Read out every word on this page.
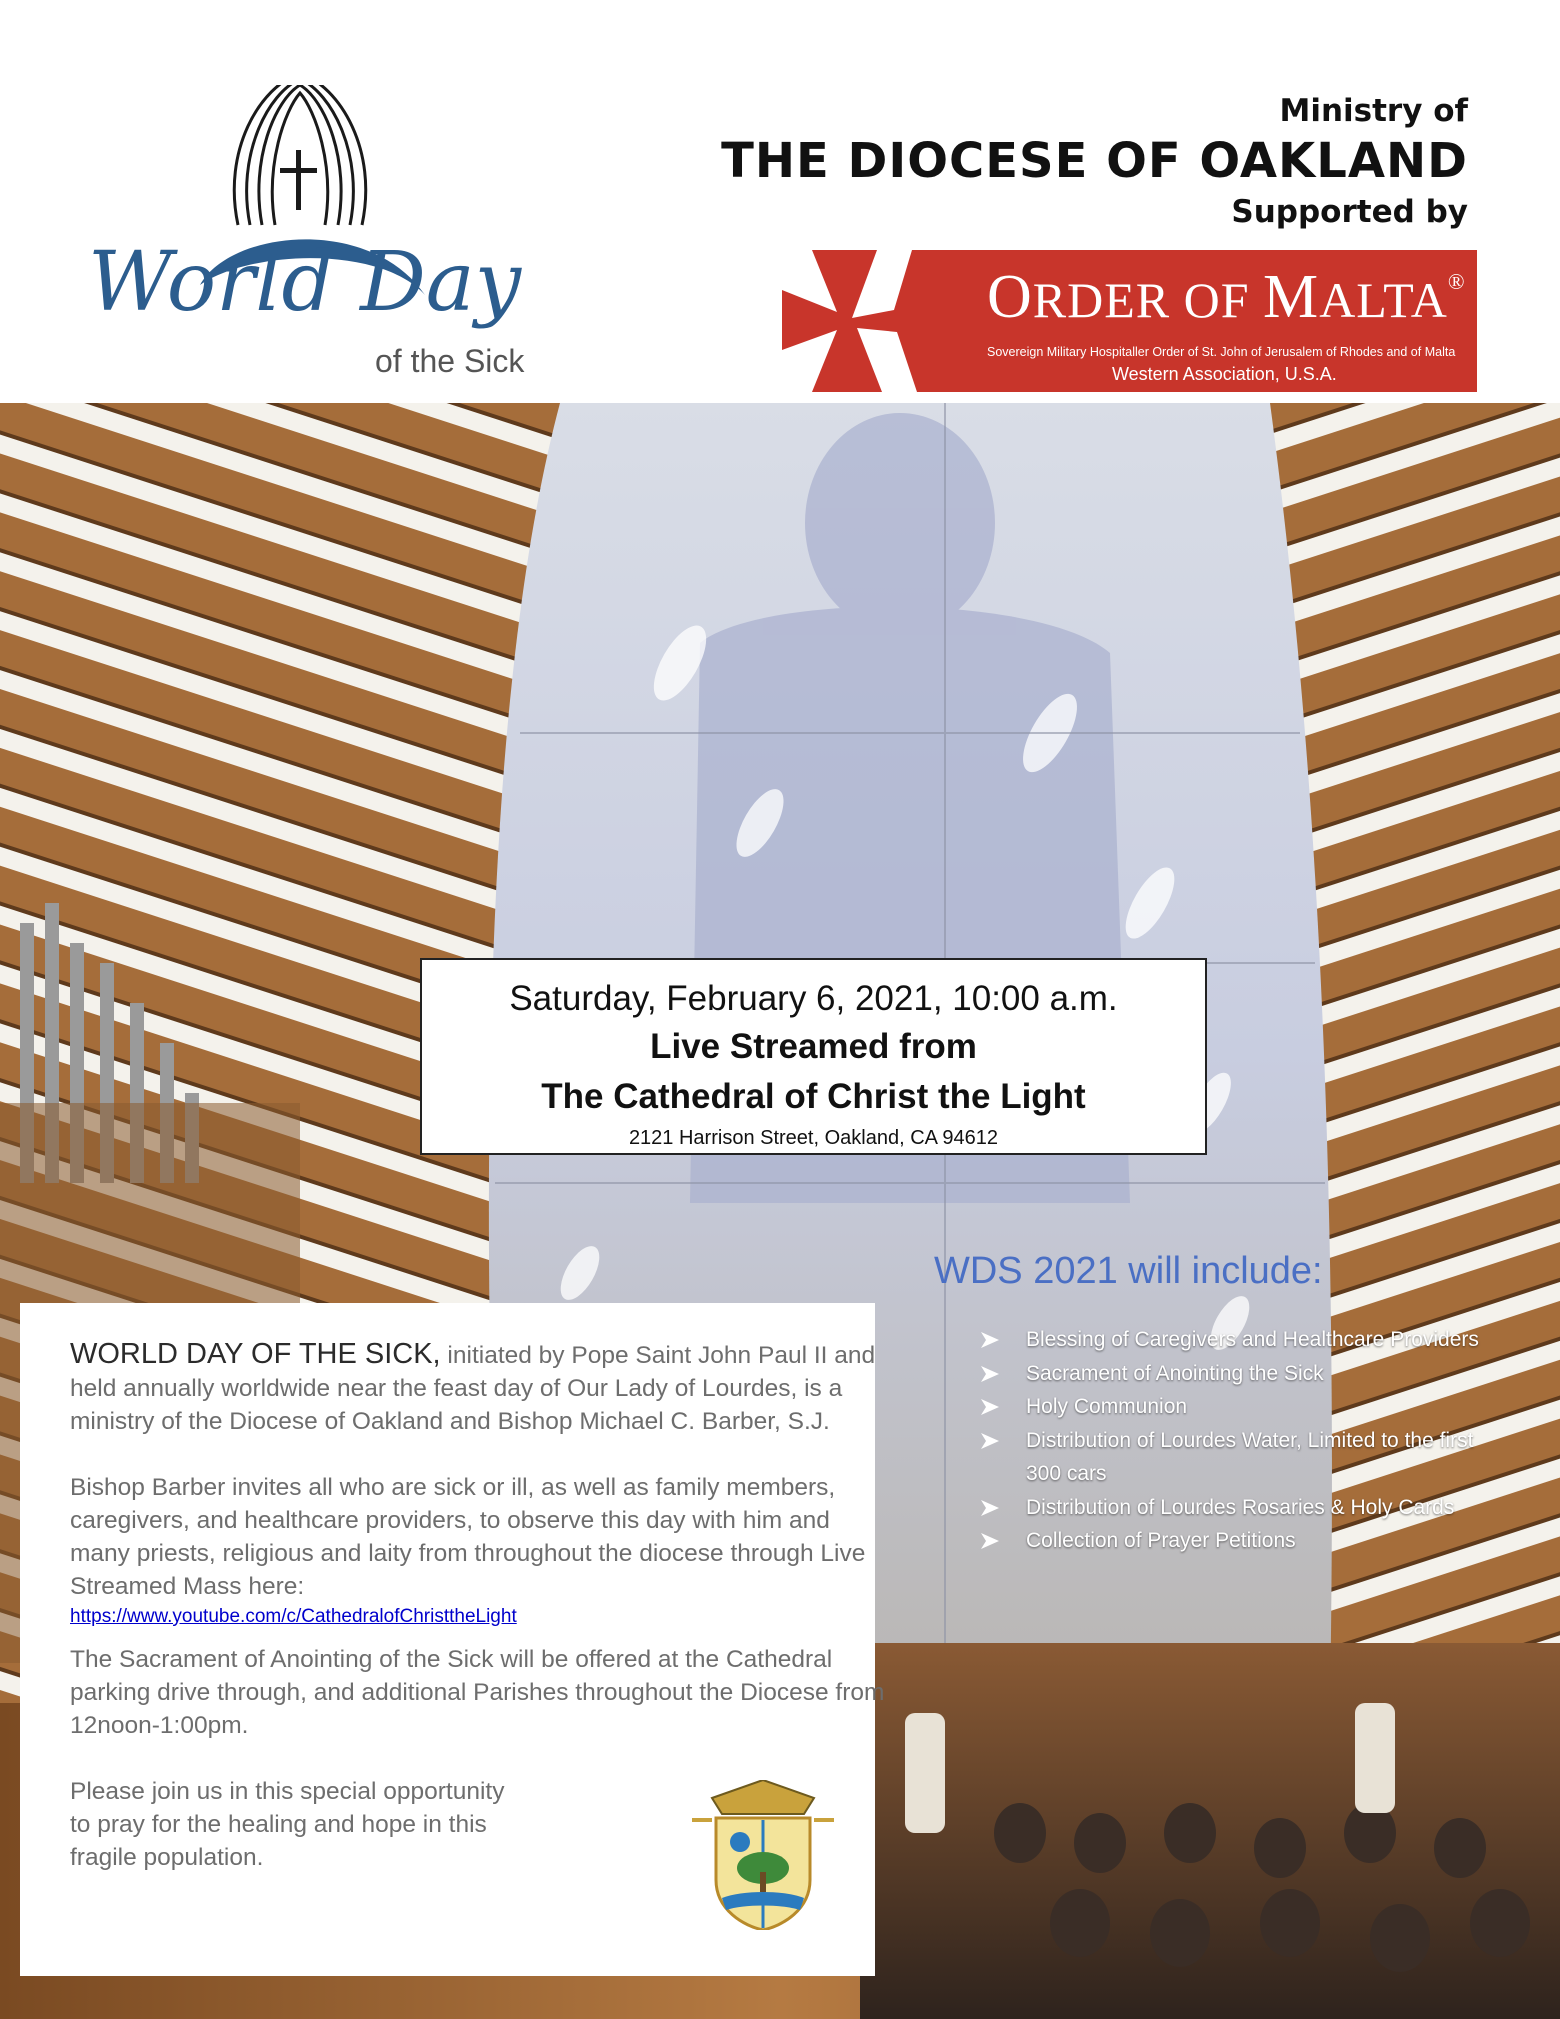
World Day
of the Sick
Ministry of
THE DIOCESE OF OAKLAND
Supported by
ORDER OF MALTA®
Sovereign Military Hospitaller Order of St. John of Jerusalem of Rhodes and of Malta
Western Association, U.S.A.
Saturday, February 6, 2021, 10:00 a.m.
Live Streamed from
The Cathedral of Christ the Light
2121 Harrison Street, Oakland, CA 94612
WDS 2021 will include:
Blessing of Caregivers and Healthcare Providers
Sacrament of Anointing the Sick
Holy Communion
Distribution of Lourdes Water, Limited to the first 300 cars
Distribution of Lourdes Rosaries & Holy Cards
Collection of Prayer Petitions

WORLD DAY OF THE SICK, initiated by Pope Saint John Paul II and held annually worldwide near the feast day of Our Lady of Lourdes, is a ministry of the Diocese of Oakland and Bishop Michael C. Barber, S.J.

Bishop Barber invites all who are sick or ill, as well as family members, caregivers, and healthcare providers, to observe this day with him and many priests, religious and laity from throughout the diocese through Live Streamed Mass here:
https://www.youtube.com/c/CathedralofChristtheLight

The Sacrament of Anointing of the Sick will be offered at the Cathedral parking drive through, and additional Parishes throughout the Diocese from 12noon-1:00pm.

Please join us in this special opportunity to pray for the healing and hope in this fragile population.
